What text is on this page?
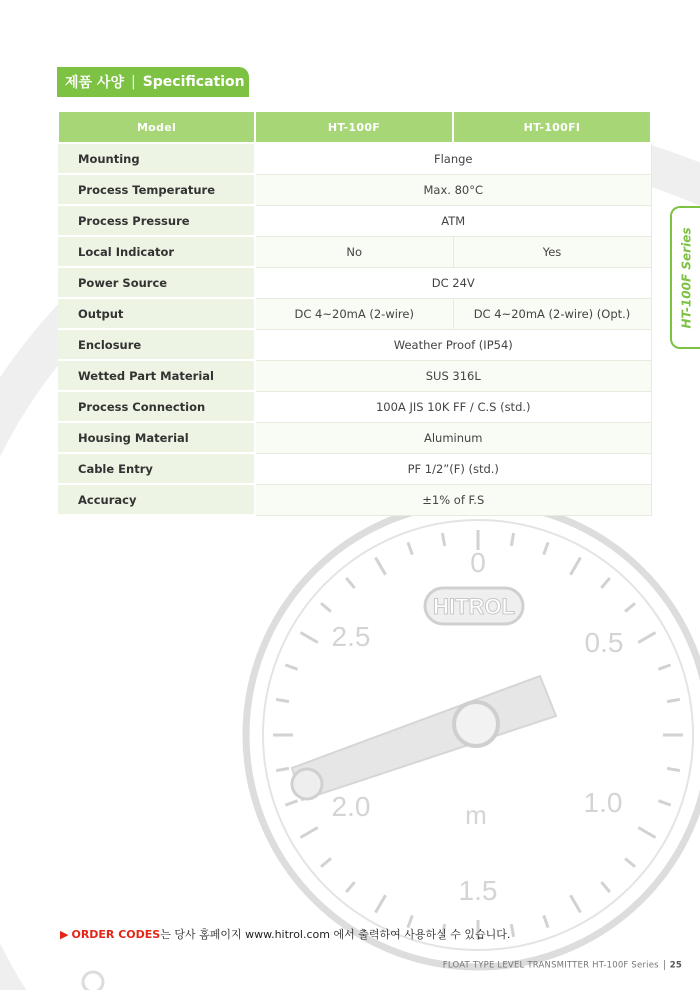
HITROL
0
0.5
1.0
1.5
2.0
2.5
m
제품 사양 | Specification
Model	HT-100F	HT-100FI
Mounting	Flange	
Process Temperature	Max. 80°C	
Process Pressure	ATM	
Local Indicator	No	Yes
Power Source	DC 24V	
Output	DC 4~20mA (2-wire)	DC 4~20mA (2-wire) (Opt.)
Enclosure	Weather Proof (IP54)	
Wetted Part Material	SUS 316L	
Process Connection	100A JIS 10K FF / C.S (std.)	
Housing Material	Aluminum	
Cable Entry	PF 1/2”(F) (std.)	
Accuracy	±1% of F.S	
HT-100F Series
▶ ORDER CODES는 당사 홈페이지 www.hitrol.com 에서 출력하여 사용하실 수 있습니다.
FLOAT TYPE LEVEL TRANSMITTER HT-100F Series 25
